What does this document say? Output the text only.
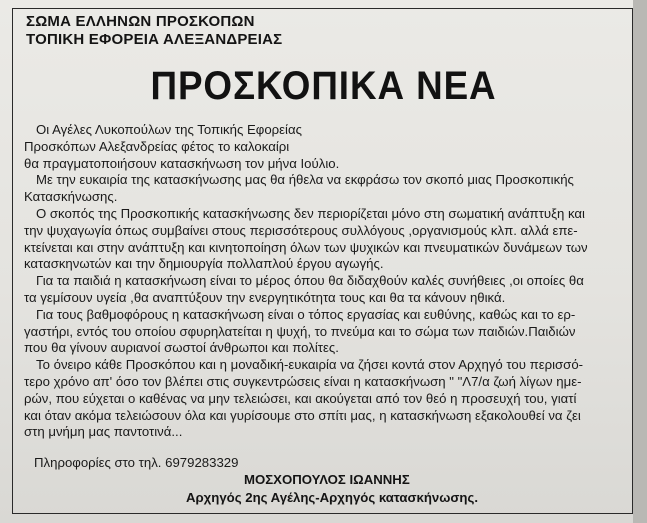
ΣΩΜΑ ΕΛΛΗΝΩΝ ΠΡΟΣΚΟΠΩΝ
ΤΟΠΙΚΗ ΕΦΟΡΕΙΑ ΑΛΕΞΑΝΔΡΕΙΑΣ
ΠΡΟΣΚΟΠΙΚΑ ΝΕΑ
Οι Αγέλες Λυκοπούλων της Τοπικής Εφορείας
Προσκόπων Αλεξανδρείας φέτος το καλοκαίρι
θα πραγματοποιήσουν κατασκήνωση τον μήνα Ιούλιο.
Με την ευκαιρία της κατασκήνωσης μας θα ήθελα να εκφράσω τον σκοπό μιας Προσκοπικής
Κατασκήνωσης.
Ο σκοπός της Προσκοπικής κατασκήνωσης δεν περιορίζεται μόνο στη σωματική ανάπτυξη και
την ψυχαγωγία όπως συμβαίνει στους περισσότερους συλλόγους ,οργανισμούς κλπ. αλλά επε-
κτείνεται και στην ανάπτυξη και κινητοποίηση όλων των ψυχικών και πνευματικών δυνάμεων των
κατασκηνωτών και την δημιουργία πολλαπλού έργου αγωγής.
Για τα παιδιά η κατασκήνωση είναι το μέρος όπου θα διδαχθούν καλές συνήθειες ,οι οποίες θα
τα γεμίσουν υγεία ,θα αναπτύξουν την ενεργητικότητα τους και θα τα κάνουν ηθικά.
Για τους βαθμοφόρους η κατασκήνωση είναι ο τόπος εργασίας και ευθύνης, καθώς και το ερ-
γαστήρι, εντός του οποίου σφυρηλατείται η ψυχή, το πνεύμα και το σώμα των παιδιών.Παιδιών
που θα γίνουν αυριανοί σωστοί άνθρωποι και πολίτες.
Το όνειρο κάθε Προσκόπου και η μοναδική-ευκαιρία να ζήσει κοντά στον Αρχηγό του περισσό-
τερο χρόνο απ' όσο τον βλέπει στις συγκεντρώσεις είναι η κατασκήνωση " "Λ7/α ζωή λίγων ημε-
ρών, που εύχεται ο καθένας να μην τελειώσει, και ακούγεται από τον θεό η προσευχή του, γιατί
και όταν ακόμα τελειώσουν όλα και γυρίσουμε στο σπίτι μας, η κατασκήνωση εξακολουθεί να ζει
στη μνήμη μας παντοτινά...
Πληροφορίες στο τηλ. 6979283329
ΜΟΣΧΟΠΟΥΛΟΣ ΙΩΑΝΝΗΣ
Αρχηγός 2ης Αγέλης-Αρχηγός κατασκήνωσης.
